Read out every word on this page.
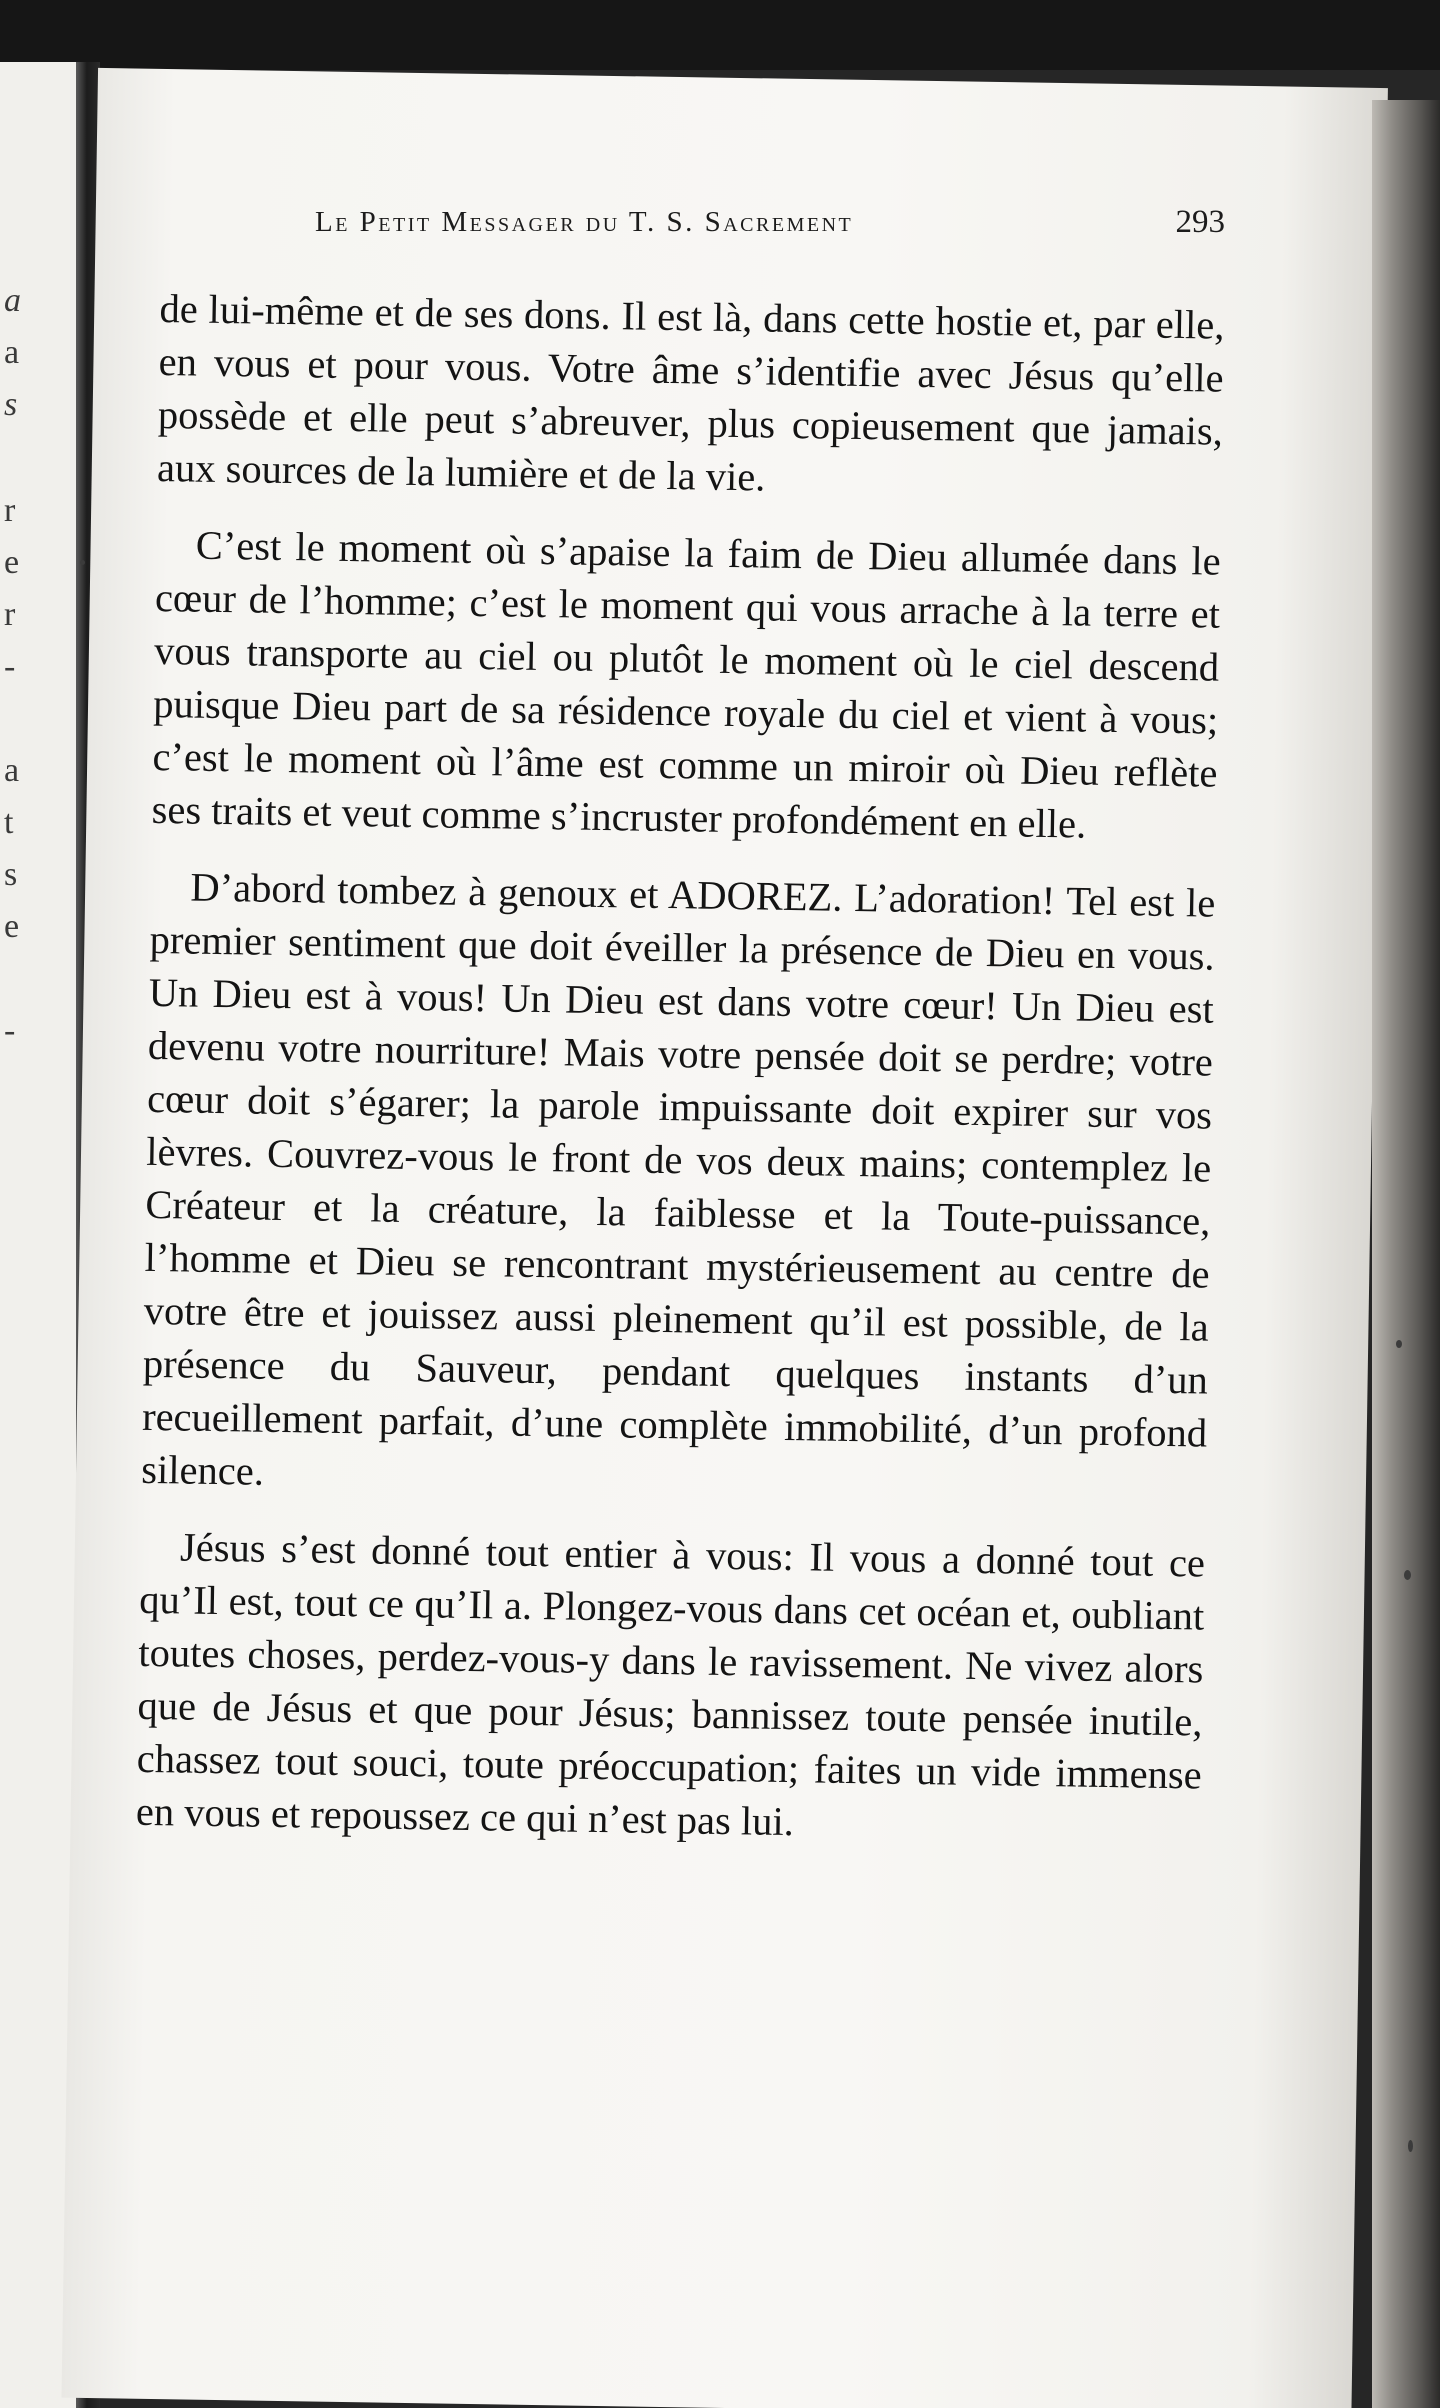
a
a
s
r
e
r
-
a
t
s
e
-
Le Petit Messager du T. S. Sacrement	293

de lui-même et de ses dons. Il est là, dans cette hostie et, par elle, en vous et pour vous. Votre âme s’identifie avec Jésus qu’elle possède et elle peut s’abreuver, plus copieusement que jamais, aux sources de la lumière et de la vie.

C’est le moment où s’apaise la faim de Dieu allumée dans le cœur de l’homme; c’est le moment qui vous arrache à la terre et vous transporte au ciel ou plutôt le moment où le ciel descend puisque Dieu part de sa résidence royale du ciel et vient à vous; c’est le moment où l’âme est comme un miroir où Dieu reflète ses traits et veut comme s’incruster profondément en elle.

D’abord tombez à genoux et ADOREZ. L’adoration! Tel est le premier sentiment que doit éveiller la présence de Dieu en vous. Un Dieu est à vous! Un Dieu est dans votre cœur! Un Dieu est devenu votre nourriture! Mais votre pensée doit se perdre; votre cœur doit s’égarer; la parole impuissante doit expirer sur vos lèvres. Couvrez-vous le front de vos deux mains; contemplez le Créateur et la créature, la faiblesse et la Toute-puissance, l’homme et Dieu se rencontrant mystérieusement au centre de votre être et jouissez aussi pleinement qu’il est possible, de la présence du Sauveur, pendant quelques instants d’un recueillement parfait, d’une complète immobilité, d’un profond silence.

Jésus s’est donné tout entier à vous: Il vous a donné tout ce qu’Il est, tout ce qu’Il a. Plongez-vous dans cet océan et, oubliant toutes choses, perdez-vous-y dans le ravissement. Ne vivez alors que de Jésus et que pour Jésus; bannissez toute pensée inutile, chassez tout souci, toute préoccupation; faites un vide immense en vous et repoussez ce qui n’est pas lui.
